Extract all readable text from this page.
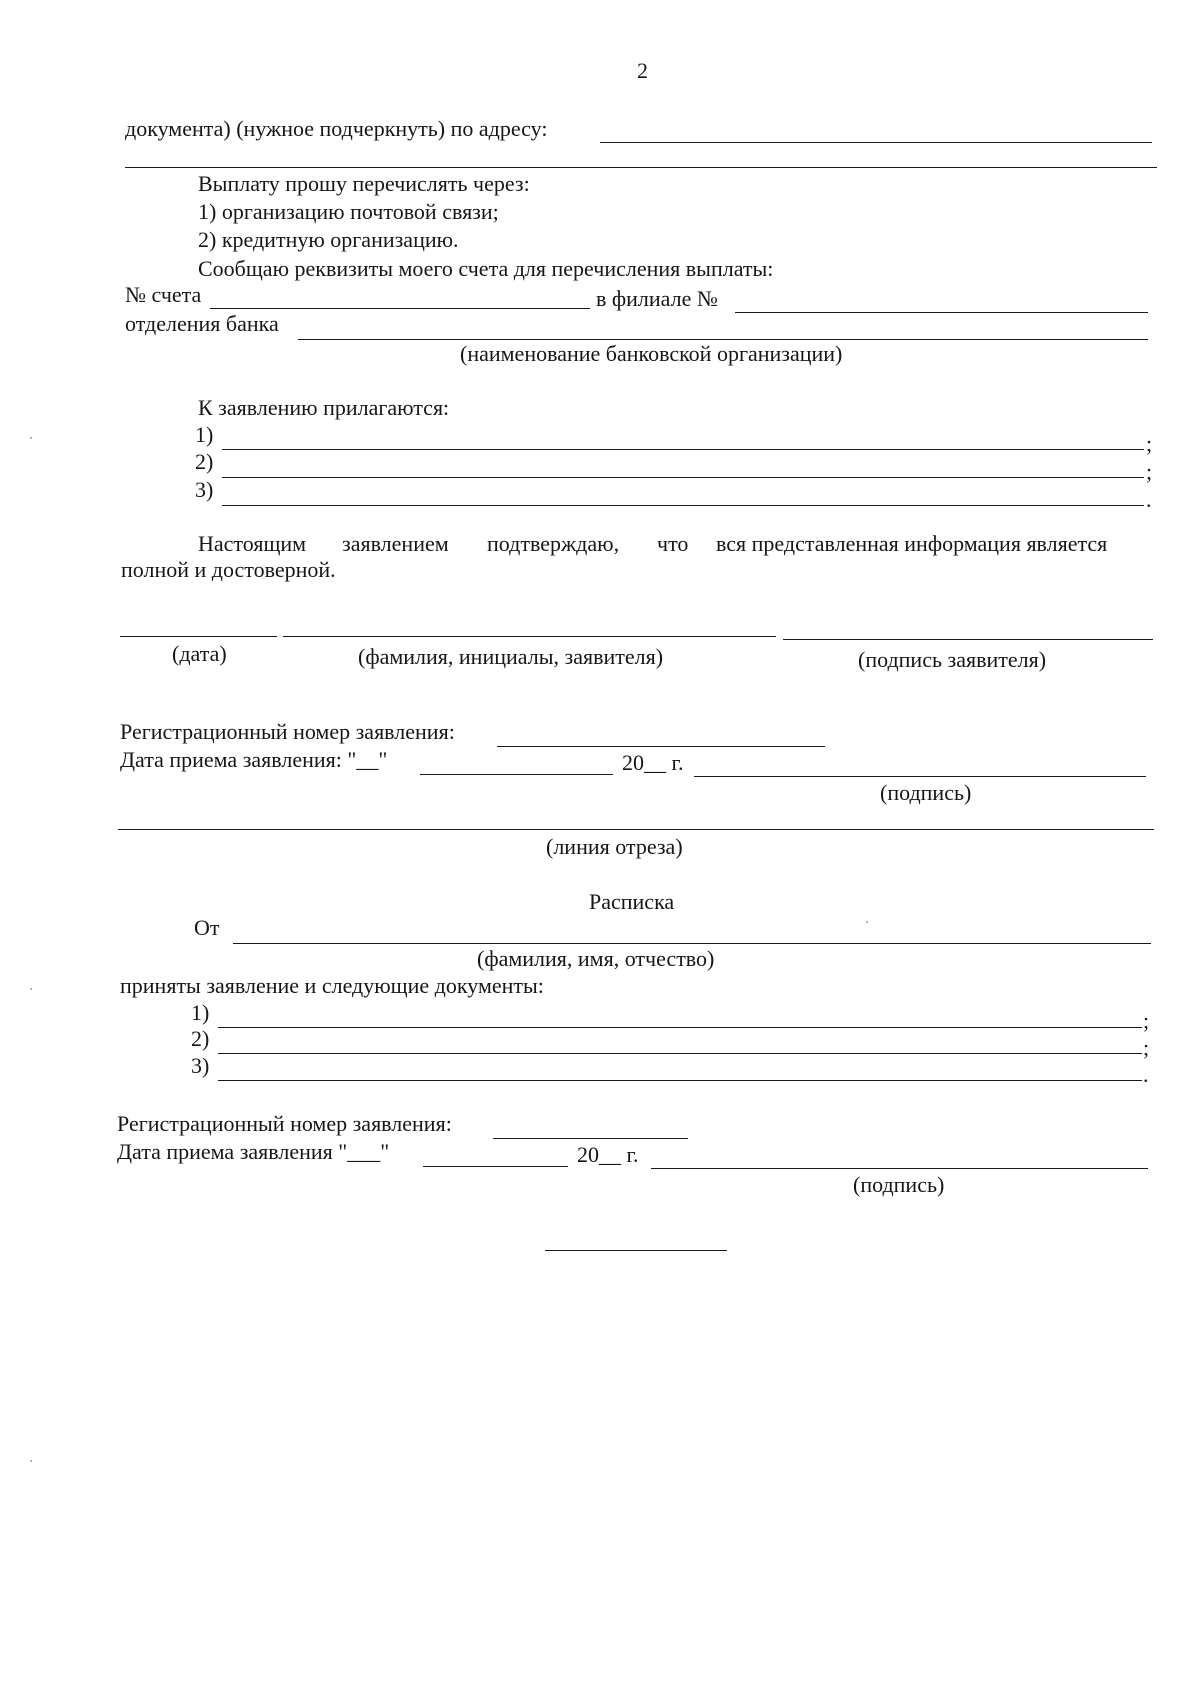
2
документа) (нужное подчеркнуть) по адресу:
Выплату прошу перечислять через:
1) организацию почтовой связи;
2) кредитную организацию.
Сообщаю реквизиты моего счета для перечисления выплаты:
№ счета	в филиале №
отделения банка
(наименование банковской организации)
К заявлению прилагаются:
1)	;
2)	;
3)	.
Настоящим заявлением подтверждаю, что вся представленная информация является
полной и достоверной.
(дата)	(фамилия, инициалы, заявителя)	(подпись заявителя)
Регистрационный номер заявления:
Дата приема заявления: "__"	20__ г.
(подпись)
(линия отреза)
Расписка
От
(фамилия, имя, отчество)
приняты заявление и следующие документы:
1)	;
2)	;
3)	.
Регистрационный номер заявления:
Дата приема заявления "___"	20__ г.
(подпись)
